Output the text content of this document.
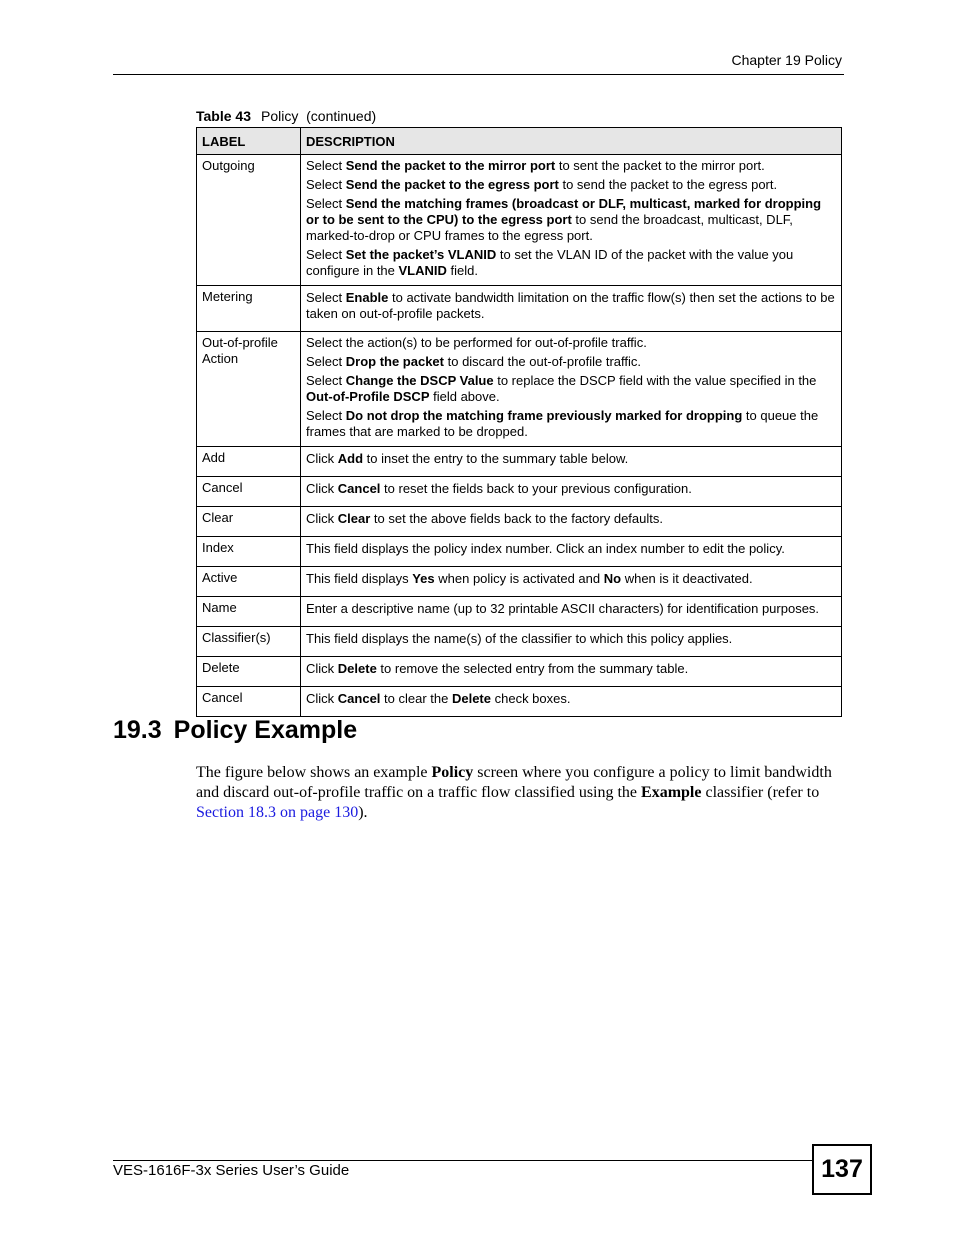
Chapter 19 Policy
Table 43 Policy  (continued)
LABEL	DESCRIPTION
Outgoing	Select Send the packet to the mirror port to sent the packet to the mirror port.
Select Send the packet to the egress port to send the packet to the egress port.
Select Send the matching frames (broadcast or DLF, multicast, marked for dropping or to be sent to the CPU) to the egress port to send the broadcast, multicast, DLF, marked-to-drop or CPU frames to the egress port.
Select Set the packet’s VLANID to set the VLAN ID of the packet with the value you configure in the VLANID field.

Metering	Select Enable to activate bandwidth limitation on the traffic flow(s) then set the actions to be taken on out-of-profile packets.

Out-of-profile Action	Select the action(s) to be performed for out-of-profile traffic.
Select Drop the packet to discard the out-of-profile traffic.
Select Change the DSCP Value to replace the DSCP field with the value specified in the Out-of-Profile DSCP field above.
Select Do not drop the matching frame previously marked for dropping to queue the frames that are marked to be dropped.

Add	Click Add to inset the entry to the summary table below.

Cancel	Click Cancel to reset the fields back to your previous configuration.

Clear	Click Clear to set the above fields back to the factory defaults.

Index	This field displays the policy index number. Click an index number to edit the policy.

Active	This field displays Yes when policy is activated and No when is it deactivated.

Name	Enter a descriptive name (up to 32 printable ASCII characters) for identification purposes.

Classifier(s)	This field displays the name(s) of the classifier to which this policy applies.

Delete	Click Delete to remove the selected entry from the summary table.

Cancel	Click Cancel to clear the Delete check boxes.
19.3 Policy Example
The figure below shows an example Policy screen where you configure a policy to limit bandwidth and discard out-of-profile traffic on a traffic flow classified using the Example classifier (refer to Section 18.3 on page 130).
VES-1616F-3x Series User’s Guide	137
